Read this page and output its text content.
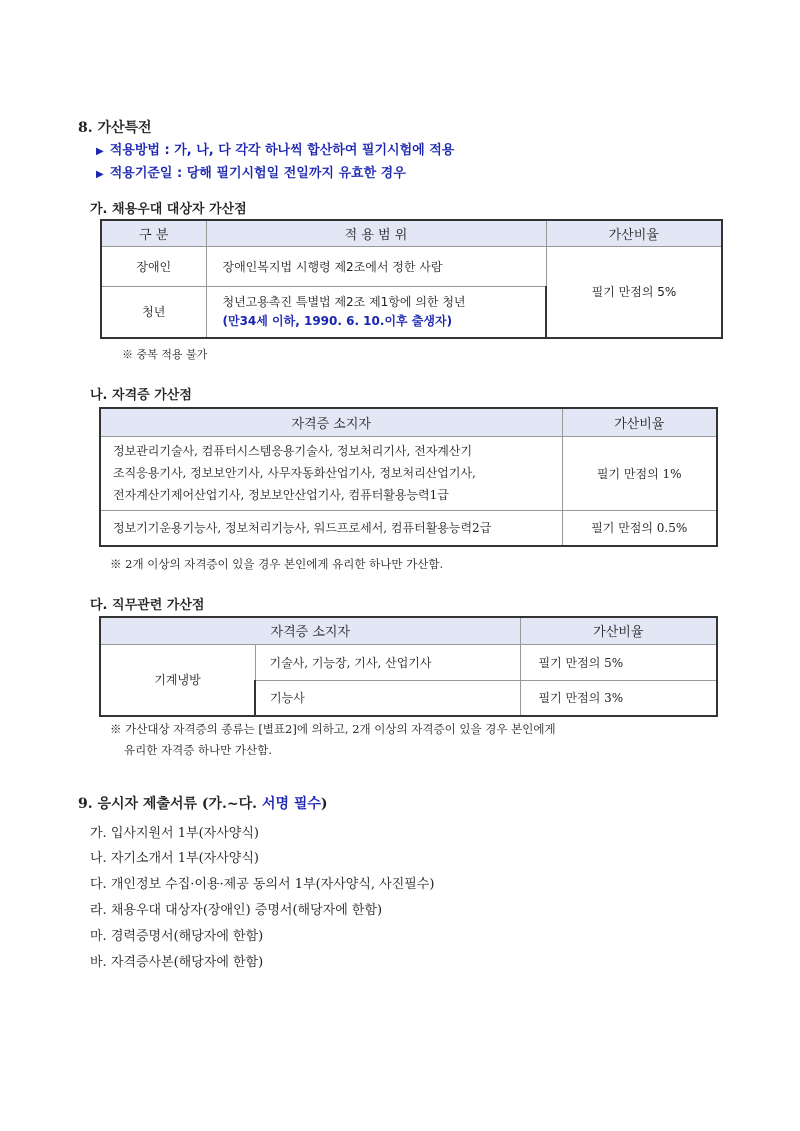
8. 가산특전
▶ 적용방법 : 가, 나, 다 각각 하나씩 합산하여 필기시험에 적용
▶ 적용기준일 : 당해 필기시험일 전일까지 유효한 경우
가. 채용우대 대상자 가산점
구 분	적 용 범 위	가산비율
장애인	장애인복지법 시행령 제2조에서 정한 사람	필기 만점의 5%
청년	청년고용촉진 특별법 제2조 제1항에 의한 청년
(만34세 이하, 1990. 6. 10.이후 출생자)	
※ 중복 적용 불가
나. 자격증 가산점
자격증 소지자	가산비율

정보관리기술사, 컴퓨터시스템응용기술사, 정보처리기사, 전자계산기
조직응용기사, 정보보안기사, 사무자동화산업기사, 정보처리산업기사,
전자계산기제어산업기사, 정보보안산업기사, 컴퓨터활용능력1급	필기 만점의 1%
정보기기운용기능사, 정보처리기능사, 워드프로세서, 컴퓨터활용능력2급	필기 만점의 0.5%
※ 2개 이상의 자격증이 있을 경우 본인에게 유리한 하나만 가산함.
다. 직무관련 가산점
자격증 소지자		가산비율
기계냉방	기술사, 기능장, 기사, 산업기사	필기 만점의 5%
	기능사	필기 만점의 3%
※ 가산대상 자격증의 종류는 [별표2]에 의하고, 2개 이상의 자격증이 있을 경우 본인에게
유리한 자격증 하나만 가산함.
9. 응시자 제출서류 (가.~다. 서명 필수)
가. 입사지원서 1부(자사양식)
나. 자기소개서 1부(자사양식)
다. 개인정보 수집·이용·제공 동의서 1부(자사양식, 사진필수)
라. 채용우대 대상자(장애인) 증명서(해당자에 한함)
마. 경력증명서(해당자에 한함)
바. 자격증사본(해당자에 한함)
